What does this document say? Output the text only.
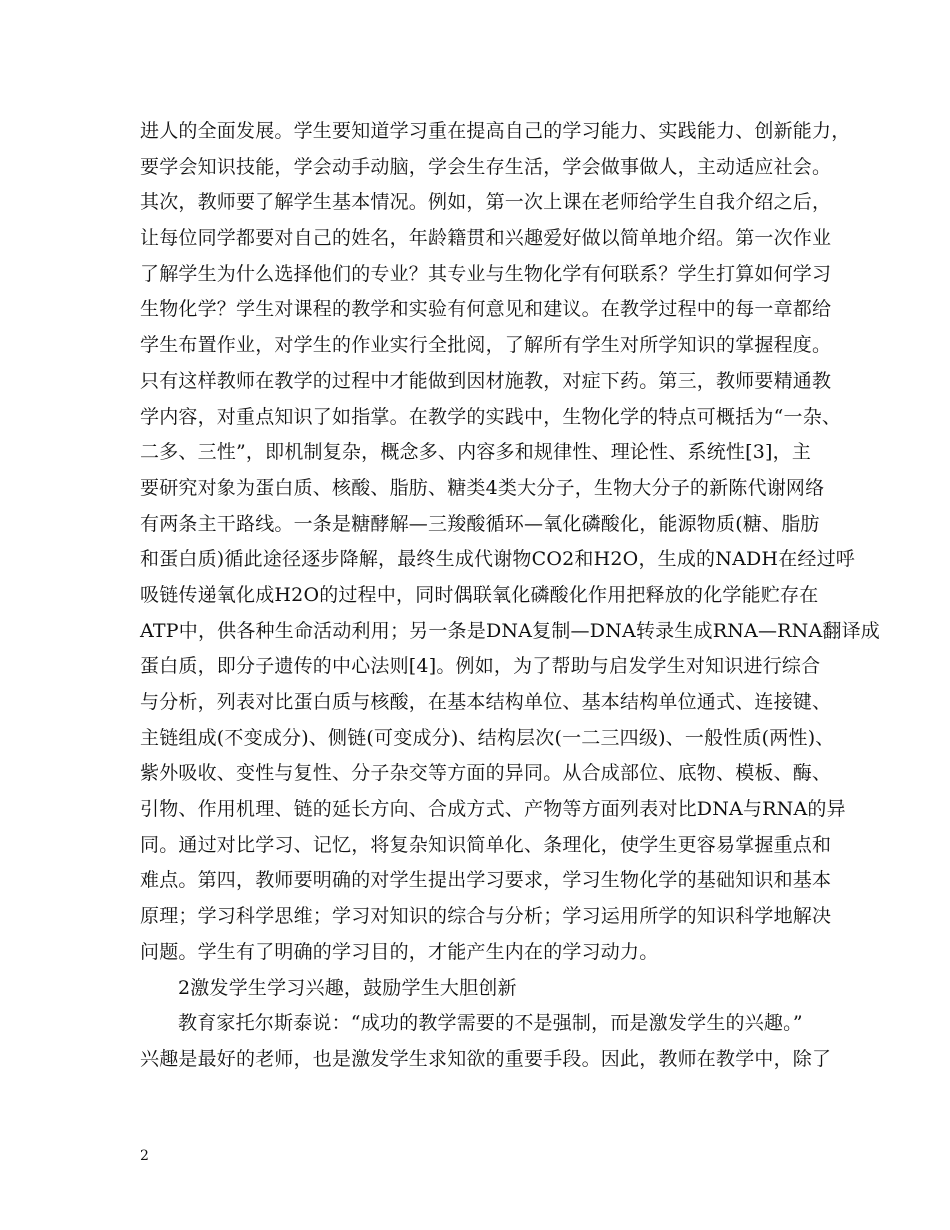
进人的全面发展。学生要知道学习重在提高自己的学习能力、实践能力、创新能力，
要学会知识技能，学会动手动脑，学会生存生活，学会做事做人，主动适应社会。
其次，教师要了解学生基本情况。例如，第一次上课在老师给学生自我介绍之后，
让每位同学都要对自己的姓名，年龄籍贯和兴趣爱好做以简单地介绍。第一次作业
了解学生为什么选择他们的专业？其专业与生物化学有何联系？学生打算如何学习
生物化学？学生对课程的教学和实验有何意见和建议。在教学过程中的每一章都给
学生布置作业，对学生的作业实行全批阅，了解所有学生对所学知识的掌握程度。
只有这样教师在教学的过程中才能做到因材施教，对症下药。第三，教师要精通教
学内容，对重点知识了如指掌。在教学的实践中，生物化学的特点可概括为“一杂、
二多、三性”，即机制复杂，概念多、内容多和规律性、理论性、系统性[3]，主
要研究对象为蛋白质、核酸、脂肪、糖类4类大分子，生物大分子的新陈代谢网络
有两条主干路线。一条是糖酵解—三羧酸循环—氧化磷酸化，能源物质(糖、脂肪
和蛋白质)循此途径逐步降解，最终生成代谢物CO2和H2O，生成的NADH在经过呼
吸链传递氧化成H2O的过程中，同时偶联氧化磷酸化作用把释放的化学能贮存在
ATP中，供各种生命活动利用；另一条是DNA复制—DNA转录生成RNA—RNA翻译成
蛋白质，即分子遗传的中心法则[4]。例如，为了帮助与启发学生对知识进行综合
与分析，列表对比蛋白质与核酸，在基本结构单位、基本结构单位通式、连接键、
主链组成(不变成分)、侧链(可变成分)、结构层次(一二三四级)、一般性质(两性)、
紫外吸收、变性与复性、分子杂交等方面的异同。从合成部位、底物、模板、酶、
引物、作用机理、链的延长方向、合成方式、产物等方面列表对比DNA与RNA的异
同。通过对比学习、记忆，将复杂知识简单化、条理化，使学生更容易掌握重点和
难点。第四，教师要明确的对学生提出学习要求，学习生物化学的基础知识和基本
原理；学习科学思维；学习对知识的综合与分析；学习运用所学的知识科学地解决
问题。学生有了明确的学习目的，才能产生内在的学习动力。
2激发学生学习兴趣，鼓励学生大胆创新
教育家托尔斯泰说：“成功的教学需要的不是强制，而是激发学生的兴趣。”
兴趣是最好的老师，也是激发学生求知欲的重要手段。因此，教师在教学中，除了
2
